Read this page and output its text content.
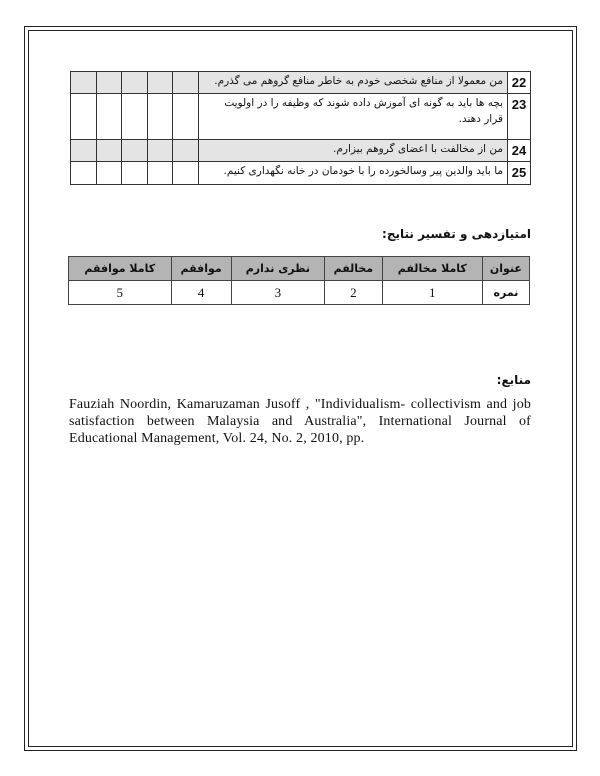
22	من معمولا از منافع شخصی خودم به خاطر منافع گروهم می گذرم.					
23	بچه ها باید به گونه ای آموزش داده شوند که وظیفه را در اولویت قرار دهند.					
24	من از مخالفت با اعضای گروهم بیزارم.					
25	ما باید والدین پیر وسالخورده را با خودمان در خانه نگهداری کنیم.					
امتیازدهی و تفسیر نتایج:
عنوان	کاملا مخالفم	مخالفم	نظری ندارم	موافقم	کاملا موافقم
نمره	1	2	3	4	5
منابع:
Fauziah Noordin, Kamaruzaman Jusoff , "Individualism- collectivism and job satisfaction between Malaysia and Australia", International Journal of Educational Management, Vol. 24, No. 2, 2010, pp.
